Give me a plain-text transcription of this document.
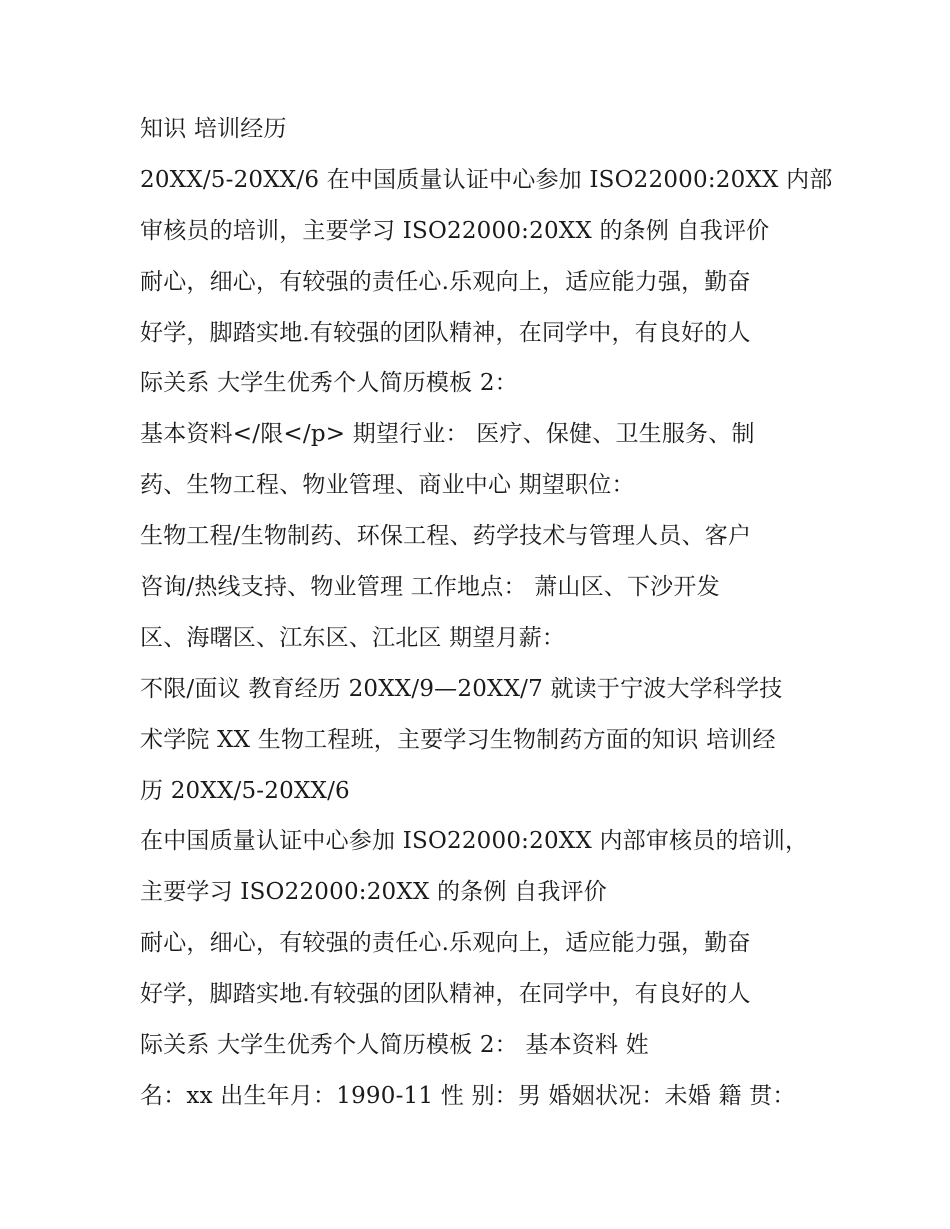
知识 培训经历
20XX/5-20XX/6 在中国质量认证中心参加 ISO22000:20XX 内部
审核员的培训，主要学习 ISO22000:20XX 的条例 自我评价
耐心，细心，有较强的责任心.乐观向上，适应能力强，勤奋
好学，脚踏实地.有较强的团队精神，在同学中，有良好的人
际关系 大学生优秀个人简历模板 2：
基本资料</限</p> 期望行业： 医疗、保健、卫生服务、制
药、生物工程、物业管理、商业中心 期望职位：
生物工程/生物制药、环保工程、药学技术与管理人员、客户
咨询/热线支持、物业管理 工作地点： 萧山区、下沙开发
区、海曙区、江东区、江北区 期望月薪：
不限/面议 教育经历 20XX/9—20XX/7 就读于宁波大学科学技
术学院 XX 生物工程班，主要学习生物制药方面的知识 培训经
历 20XX/5-20XX/6
在中国质量认证中心参加 ISO22000:20XX 内部审核员的培训，
主要学习 ISO22000:20XX 的条例 自我评价
耐心，细心，有较强的责任心.乐观向上，适应能力强，勤奋
好学，脚踏实地.有较强的团队精神，在同学中，有良好的人
际关系 大学生优秀个人简历模板 2： 基本资料 姓
名：xx 出生年月：1990-11 性 别：男 婚姻状况：未婚 籍 贯：
